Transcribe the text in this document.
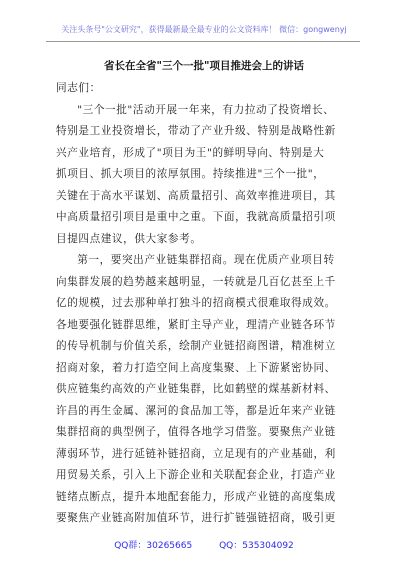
关注头条号"公文研究"，获得最新最全最专业的公文资料库！ 微信：gongwenyj
省长在全省"三个一批"项目推进会上的讲话
同志们：
"三个一批"活动开展一年来，有力拉动了投资增长、
特别是工业投资增长，带动了产业升级、特别是战略性新
兴产业培育，形成了"项目为王"的鲜明导向、特别是大
抓项目、抓大项目的浓厚氛围。持续推进"三个一批"，
关键在于高水平谋划、高质量招引、高效率推进项目，其
中高质量招引项目是重中之重。下面，我就高质量招引项
目提四点建议，供大家参考。
第一，要突出产业链集群招商。现在优质产业项目转
向集群发展的趋势越来越明显，一转就是几百亿甚至上千
亿的规模，过去那种单打独斗的招商模式很难取得成效。
各地要强化链群思维，紧盯主导产业，理清产业链各环节
的传导机制与价值关系，绘制产业链招商图谱，精准树立
招商对象，着力打造空间上高度集聚、上下游紧密协同、
供应链集约高效的产业链集群，比如鹤壁的煤基新材料、
许昌的再生金属、漯河的食品加工等，都是近年来产业链
集群招商的典型例子，值得各地学习借鉴。要聚焦产业链
薄弱环节，进行延链补链招商，立足现有的产业基础，利
用贸易关系，引入上下游企业和关联配套企业，打造产业
链绪点断点，提升本地配套能力，形成产业链的高度集成
要聚焦产业链高附加值环节，进行扩链强链招商，吸引更
QQ群：30265665	QQ：535304092
